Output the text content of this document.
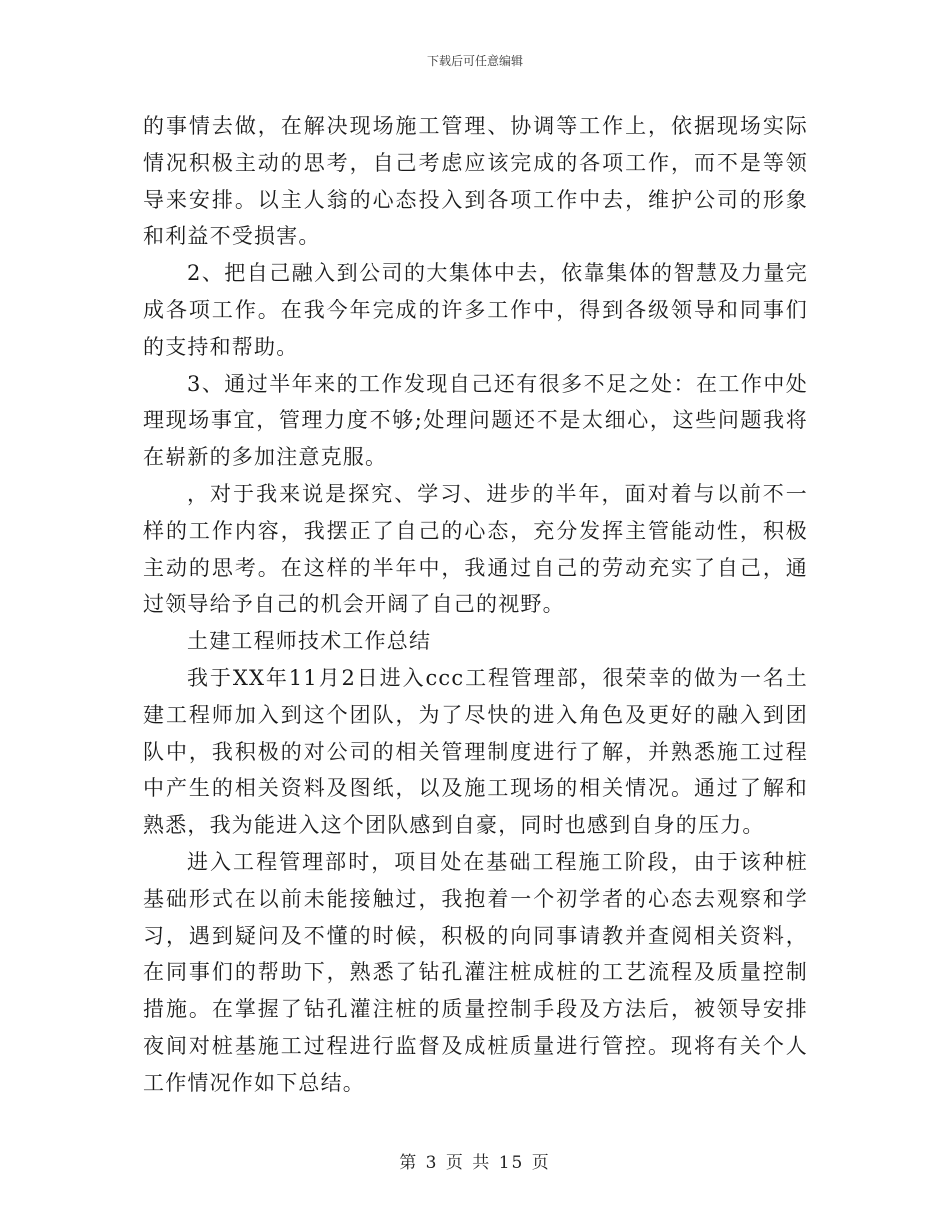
下载后可任意编辑

的事情去做，在解决现场施工管理、协调等工作上，依据现场实际情况积极主动的思考，自己考虑应该完成的各项工作，而不是等领导来安排。以主人翁的心态投入到各项工作中去，维护公司的形象和利益不受损害。

2、把自己融入到公司的大集体中去，依靠集体的智慧及力量完成各项工作。在我今年完成的许多工作中，得到各级领导和同事们的支持和帮助。

3、通过半年来的工作发现自己还有很多不足之处：在工作中处理现场事宜，管理力度不够;处理问题还不是太细心，这些问题我将在崭新的多加注意克服。

，对于我来说是探究、学习、进步的半年，面对着与以前不一样的工作内容，我摆正了自己的心态，充分发挥主管能动性，积极主动的思考。在这样的半年中，我通过自己的劳动充实了自己，通过领导给予自己的机会开阔了自己的视野。

土建工程师技术工作总结

我于XX年11月2日进入ccc工程管理部，很荣幸的做为一名土建工程师加入到这个团队，为了尽快的进入角色及更好的融入到团队中，我积极的对公司的相关管理制度进行了解，并熟悉施工过程中产生的相关资料及图纸，以及施工现场的相关情况。通过了解和熟悉，我为能进入这个团队感到自豪，同时也感到自身的压力。

进入工程管理部时，项目处在基础工程施工阶段，由于该种桩基础形式在以前未能接触过，我抱着一个初学者的心态去观察和学习，遇到疑问及不懂的时候，积极的向同事请教并查阅相关资料，在同事们的帮助下，熟悉了钻孔灌注桩成桩的工艺流程及质量控制措施。在掌握了钻孔灌注桩的质量控制手段及方法后，被领导安排夜间对桩基施工过程进行监督及成桩质量进行管控。现将有关个人工作情况作如下总结。

第 3 页 共 15 页
